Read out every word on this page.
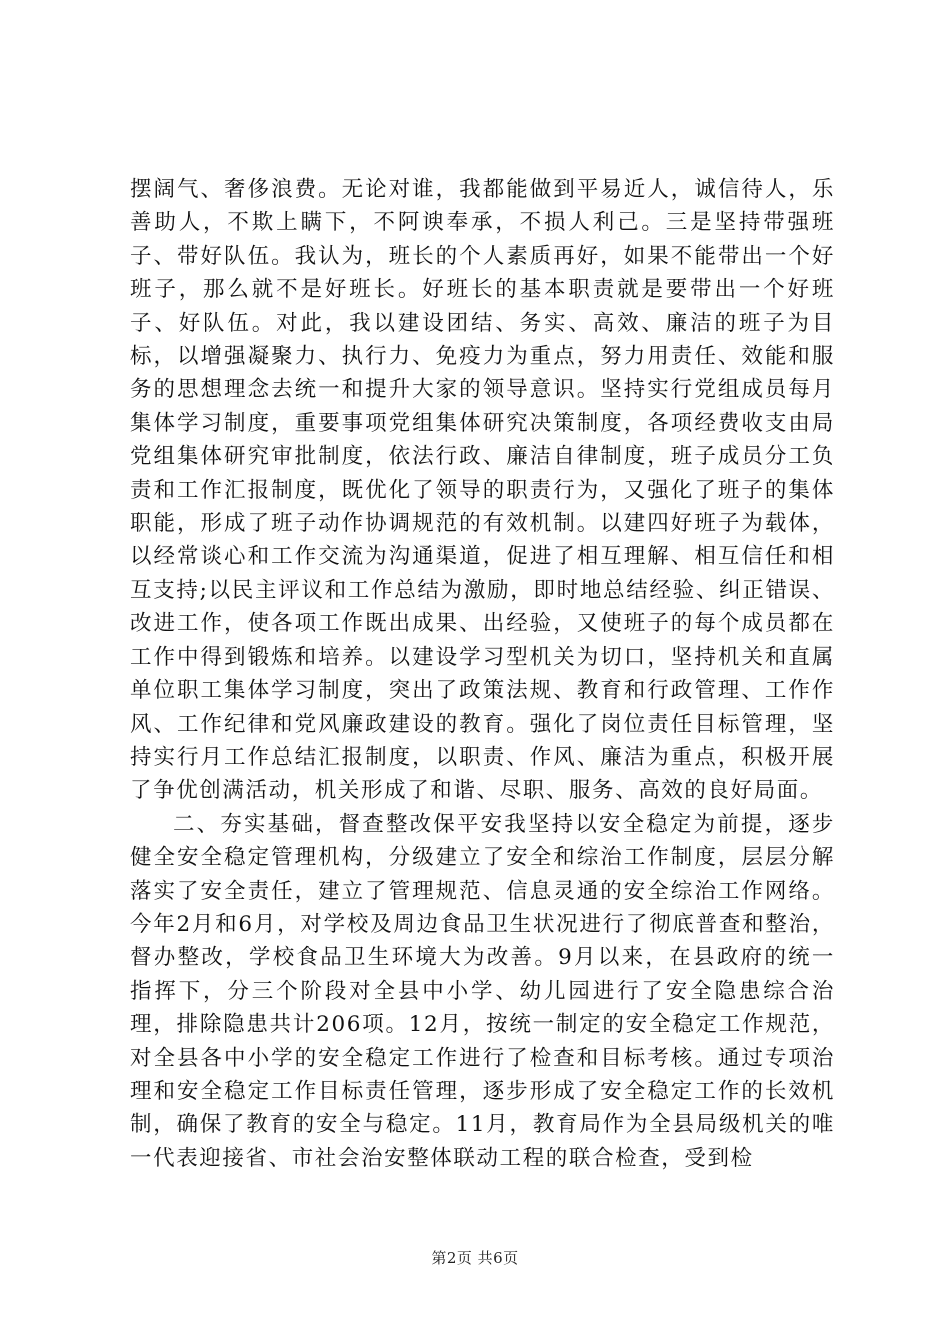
摆阔气、奢侈浪费。无论对谁，我都能做到平易近人，诚信待人，乐善助人，不欺上瞒下，不阿谀奉承，不损人利己。三是坚持带强班子、带好队伍。我认为，班长的个人素质再好，如果不能带出一个好班子，那么就不是好班长。好班长的基本职责就是要带出一个好班子、好队伍。对此，我以建设团结、务实、高效、廉洁的班子为目标，以增强凝聚力、执行力、免疫力为重点，努力用责任、效能和服务的思想理念去统一和提升大家的领导意识。坚持实行党组成员每月集体学习制度，重要事项党组集体研究决策制度，各项经费收支由局党组集体研究审批制度，依法行政、廉洁自律制度，班子成员分工负责和工作汇报制度，既优化了领导的职责行为，又强化了班子的集体职能，形成了班子动作协调规范的有效机制。以建四好班子为载体，以经常谈心和工作交流为沟通渠道，促进了相互理解、相互信任和相互支持;以民主评议和工作总结为激励，即时地总结经验、纠正错误、改进工作，使各项工作既出成果、出经验，又使班子的每个成员都在工作中得到锻炼和培养。以建设学习型机关为切口，坚持机关和直属单位职工集体学习制度，突出了政策法规、教育和行政管理、工作作风、工作纪律和党风廉政建设的教育。强化了岗位责任目标管理，坚持实行月工作总结汇报制度，以职责、作风、廉洁为重点，积极开展了争优创满活动，机关形成了和谐、尽职、服务、高效的良好局面。

二、夯实基础，督查整改保平安我坚持以安全稳定为前提，逐步健全安全稳定管理机构，分级建立了安全和综治工作制度，层层分解落实了安全责任，建立了管理规范、信息灵通的安全综治工作网络。今年2月和6月，对学校及周边食品卫生状况进行了彻底普查和整治，督办整改，学校食品卫生环境大为改善。9月以来，在县政府的统一指挥下，分三个阶段对全县中小学、幼儿园进行了安全隐患综合治理，排除隐患共计206项。12月，按统一制定的安全稳定工作规范，对全县各中小学的安全稳定工作进行了检查和目标考核。通过专项治理和安全稳定工作目标责任管理，逐步形成了安全稳定工作的长效机制，确保了教育的安全与稳定。11月，教育局作为全县局级机关的唯一代表迎接省、市社会治安整体联动工程的联合检查，受到检

第2页 共6页
